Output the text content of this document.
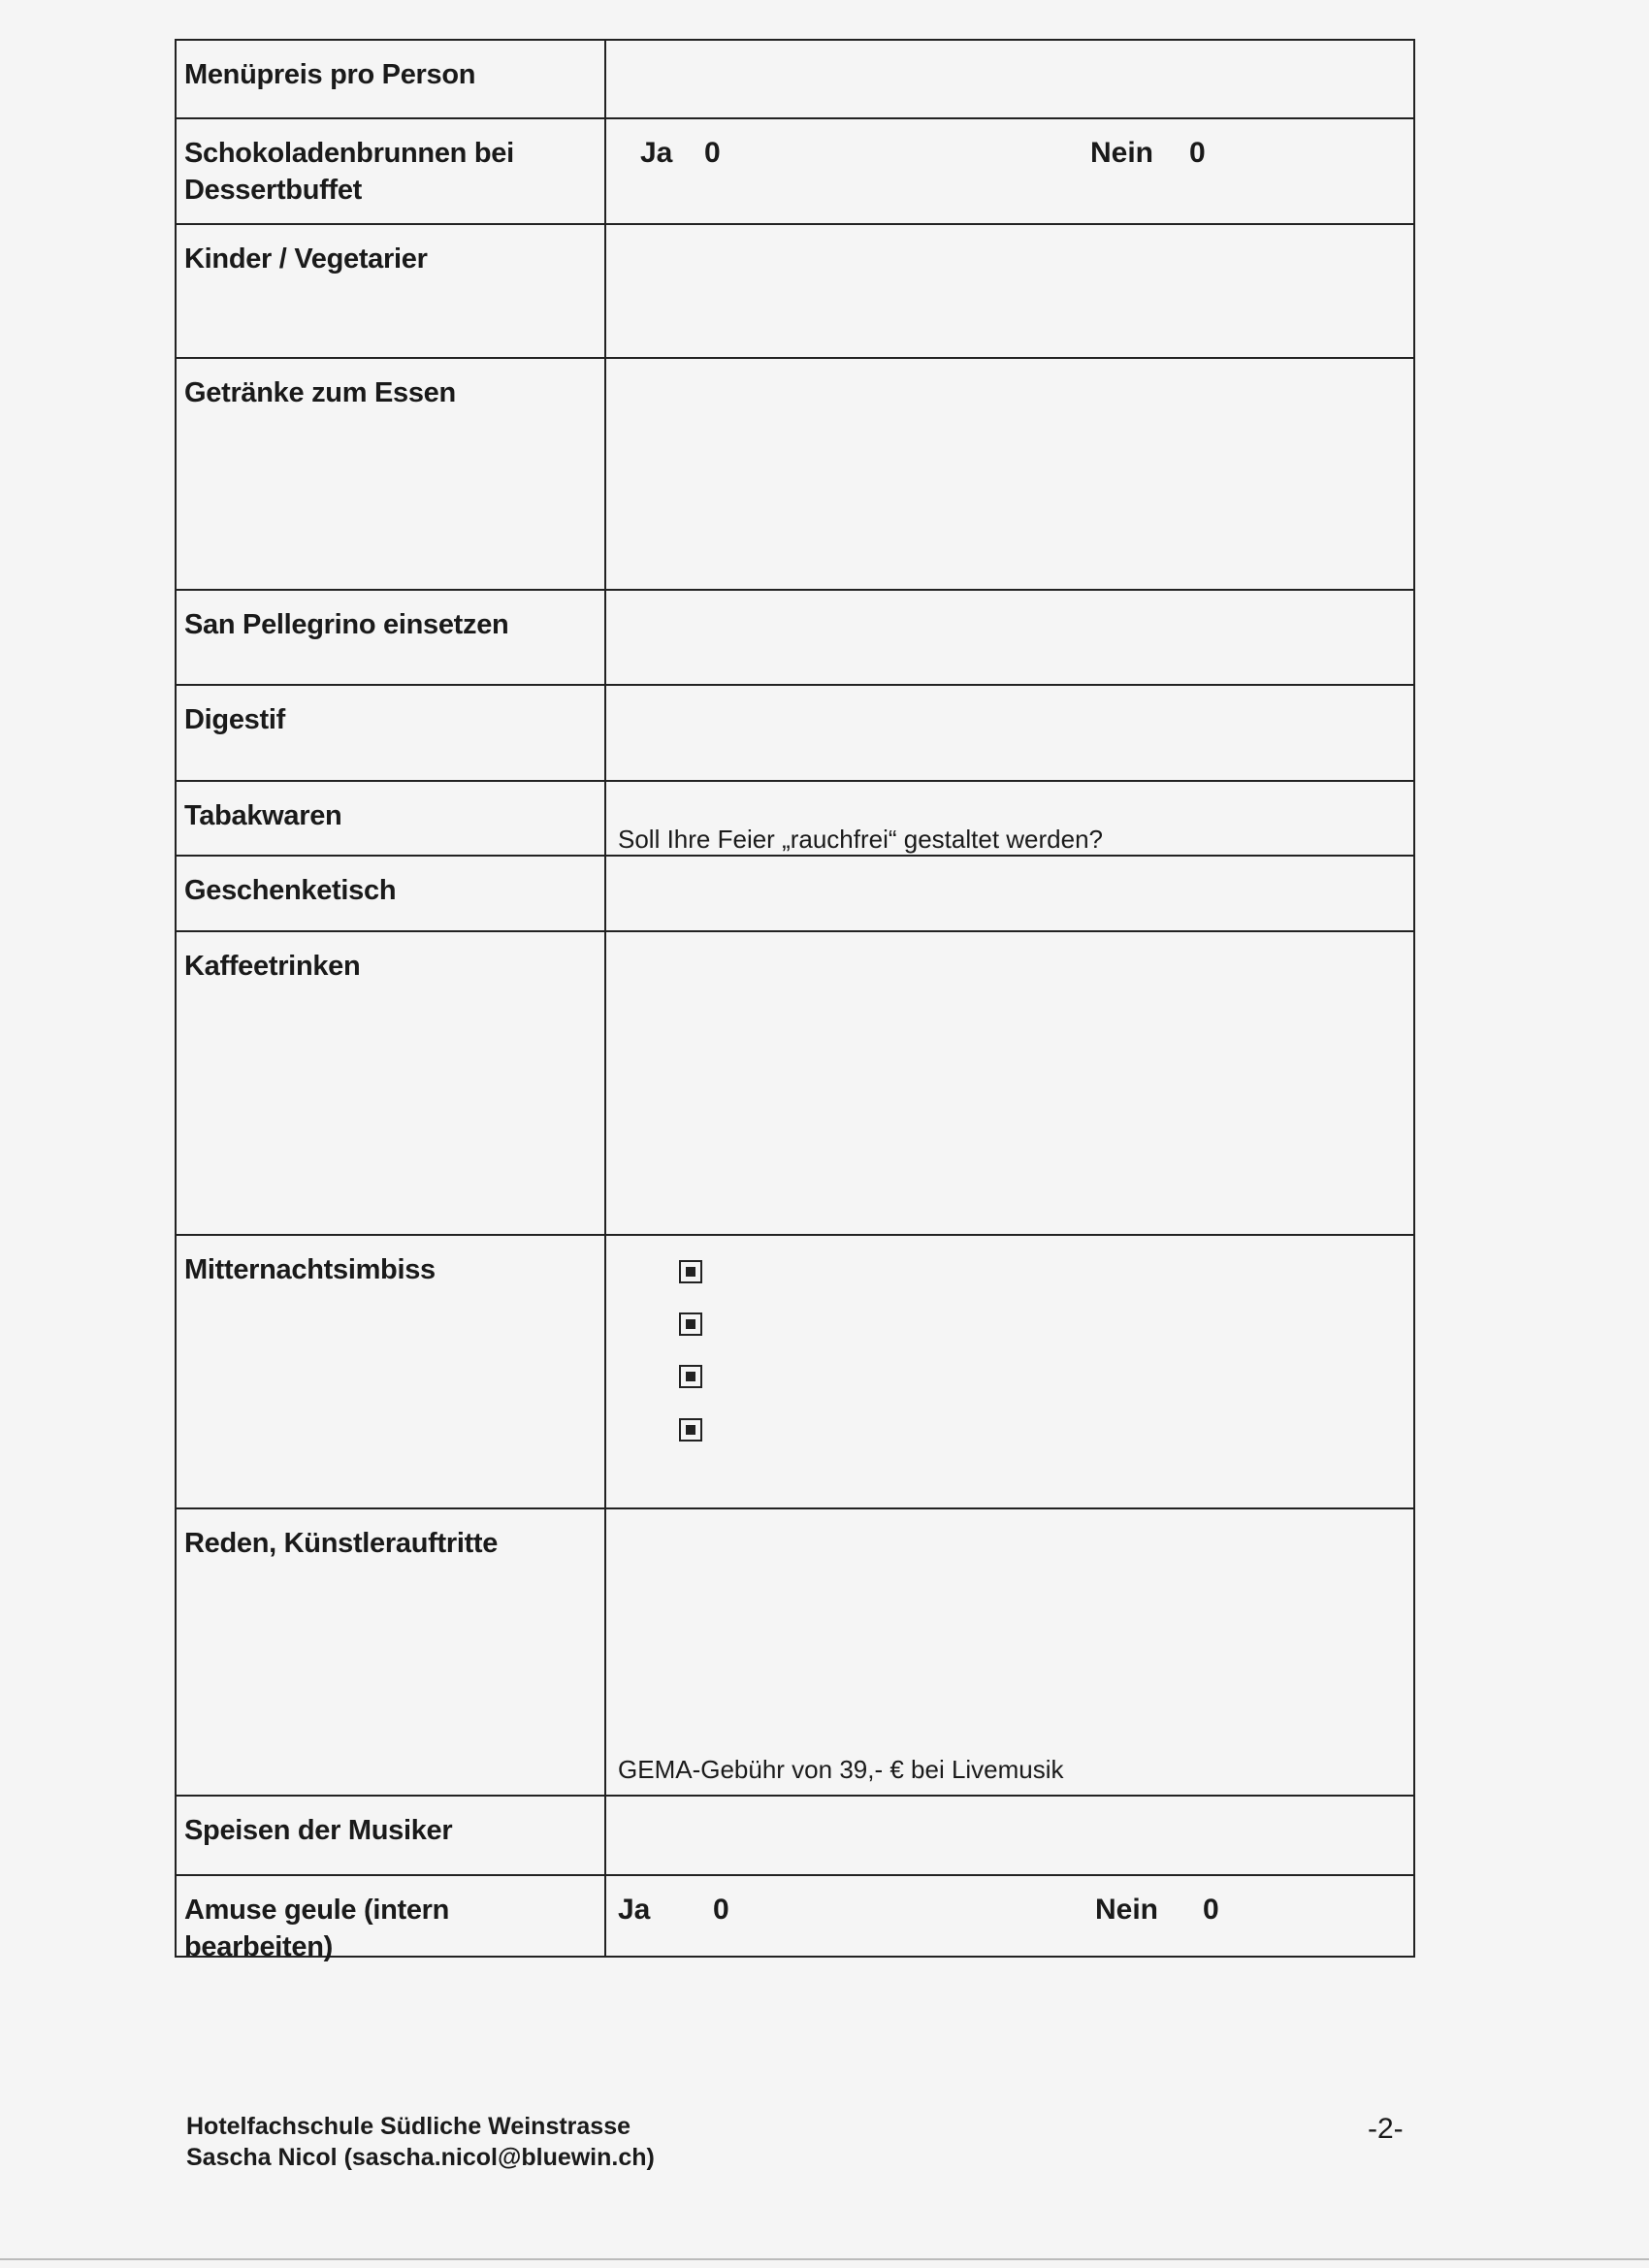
Menüpreis pro Person
Schokoladenbrunnen bei Dessertbuffet
Ja 0	Nein 0
Kinder / Vegetarier
Getränke zum Essen
San Pellegrino einsetzen
Digestif
Tabakwaren
Soll Ihre Feier „rauchfrei“ gestaltet werden?
Geschenketisch
Kaffeetrinken
Mitternachtsimbiss
Reden, Künstlerauftritte
GEMA-Gebühr von 39,- € bei Livemusik
Speisen der Musiker
Amuse geule (intern bearbeiten)
Ja 0	Nein 0
Hotelfachschule Südliche Weinstrasse
Sascha Nicol (sascha.nicol@bluewin.ch)
-2-
